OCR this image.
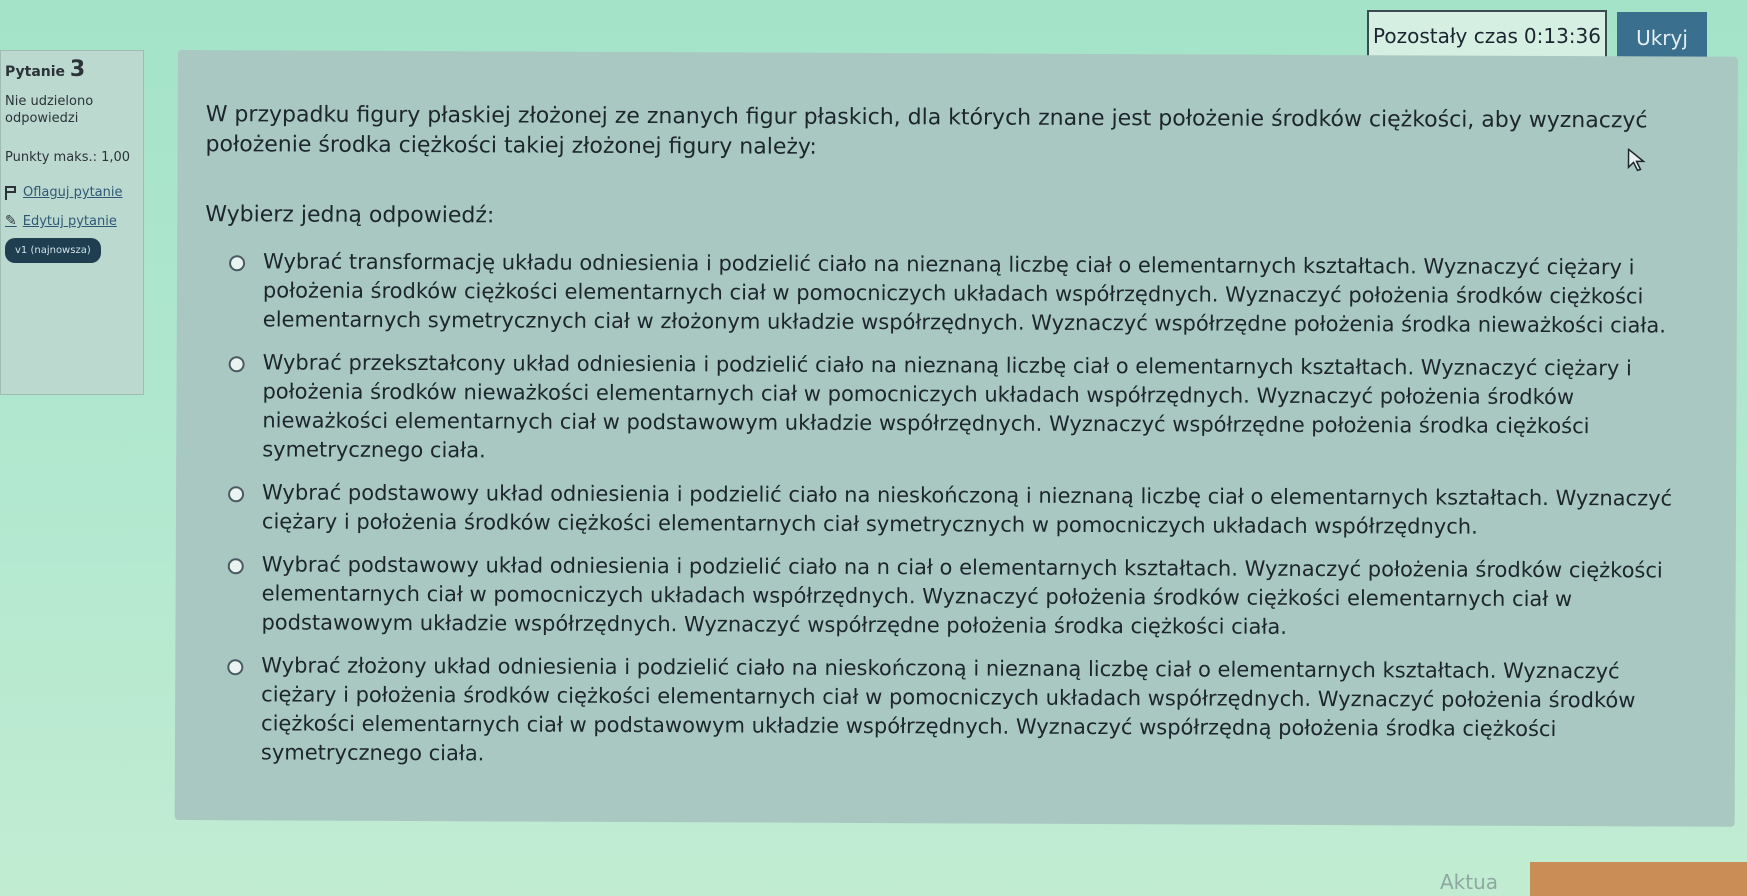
Pozostały czas 0:13:36	Ukryj
Pytanie 3
Nie udzielono odpowiedzi
Punkty maks.: 1,00
Oflaguj pytanie
✎ Edytuj pytanie
v1 (najnowsza)

W przypadku figury płaskiej złożonej ze znanych figur płaskich, dla których znane jest położenie środków ciężkości, aby wyznaczyć położenie środka ciężkości takiej złożonej figury należy:

Wybierz jedną odpowiedź:
Wybrać transformację układu odniesienia i podzielić ciało na nieznaną liczbę ciał o elementarnych kształtach. Wyznaczyć ciężary i położenia środków ciężkości elementarnych ciał w pomocniczych układach współrzędnych. Wyznaczyć położenia środków ciężkości elementarnych symetrycznych ciał w złożonym układzie współrzędnych. Wyznaczyć współrzędne położenia środka nieważkości ciała.
Wybrać przekształcony układ odniesienia i podzielić ciało na nieznaną liczbę ciał o elementarnych kształtach. Wyznaczyć ciężary i położenia środków nieważkości elementarnych ciał w pomocniczych układach współrzędnych. Wyznaczyć położenia środków nieważkości elementarnych ciał w podstawowym układzie współrzędnych. Wyznaczyć współrzędne położenia środka ciężkości symetrycznego ciała.
Wybrać podstawowy układ odniesienia i podzielić ciało na nieskończoną i nieznaną liczbę ciał o elementarnych kształtach. Wyznaczyć ciężary i położenia środków ciężkości elementarnych ciał symetrycznych w pomocniczych układach współrzędnych.
Wybrać podstawowy układ odniesienia i podzielić ciało na n ciał o elementarnych kształtach. Wyznaczyć położenia środków ciężkości elementarnych ciał w pomocniczych układach współrzędnych. Wyznaczyć położenia środków ciężkości elementarnych ciał w podstawowym układzie współrzędnych. Wyznaczyć współrzędne położenia środka ciężkości ciała.
Wybrać złożony układ odniesienia i podzielić ciało na nieskończoną i nieznaną liczbę ciał o elementarnych kształtach. Wyznaczyć ciężary i położenia środków ciężkości elementarnych ciał w pomocniczych układach współrzędnych. Wyznaczyć położenia środków ciężkości elementarnych ciał w podstawowym układzie współrzędnych. Wyznaczyć współrzędną położenia środka ciężkości symetrycznego ciała.
Aktua
